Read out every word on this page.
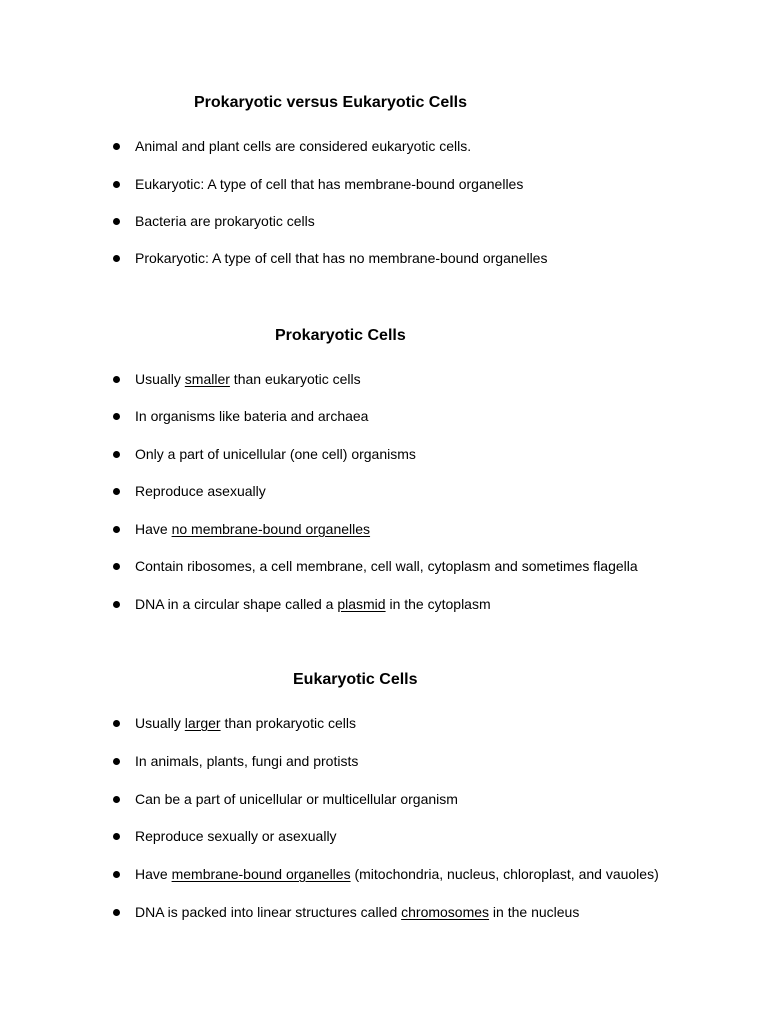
Prokaryotic versus Eukaryotic Cells
Animal and plant cells are considered eukaryotic cells.
Eukaryotic: A type of cell that has membrane-bound organelles
Bacteria are prokaryotic cells
Prokaryotic: A type of cell that has no membrane-bound organelles
Prokaryotic Cells
Usually smaller than eukaryotic cells
In organisms like bateria and archaea
Only a part of unicellular (one cell) organisms
Reproduce asexually
Have no membrane-bound organelles
Contain ribosomes, a cell membrane, cell wall, cytoplasm and sometimes flagella
DNA in a circular shape called a plasmid in the cytoplasm
Eukaryotic Cells
Usually larger than prokaryotic cells
In animals, plants, fungi and protists
Can be a part of unicellular or multicellular organism
Reproduce sexually or asexually
Have membrane-bound organelles (mitochondria, nucleus, chloroplast, and vauoles)
DNA is packed into linear structures called chromosomes in the nucleus
